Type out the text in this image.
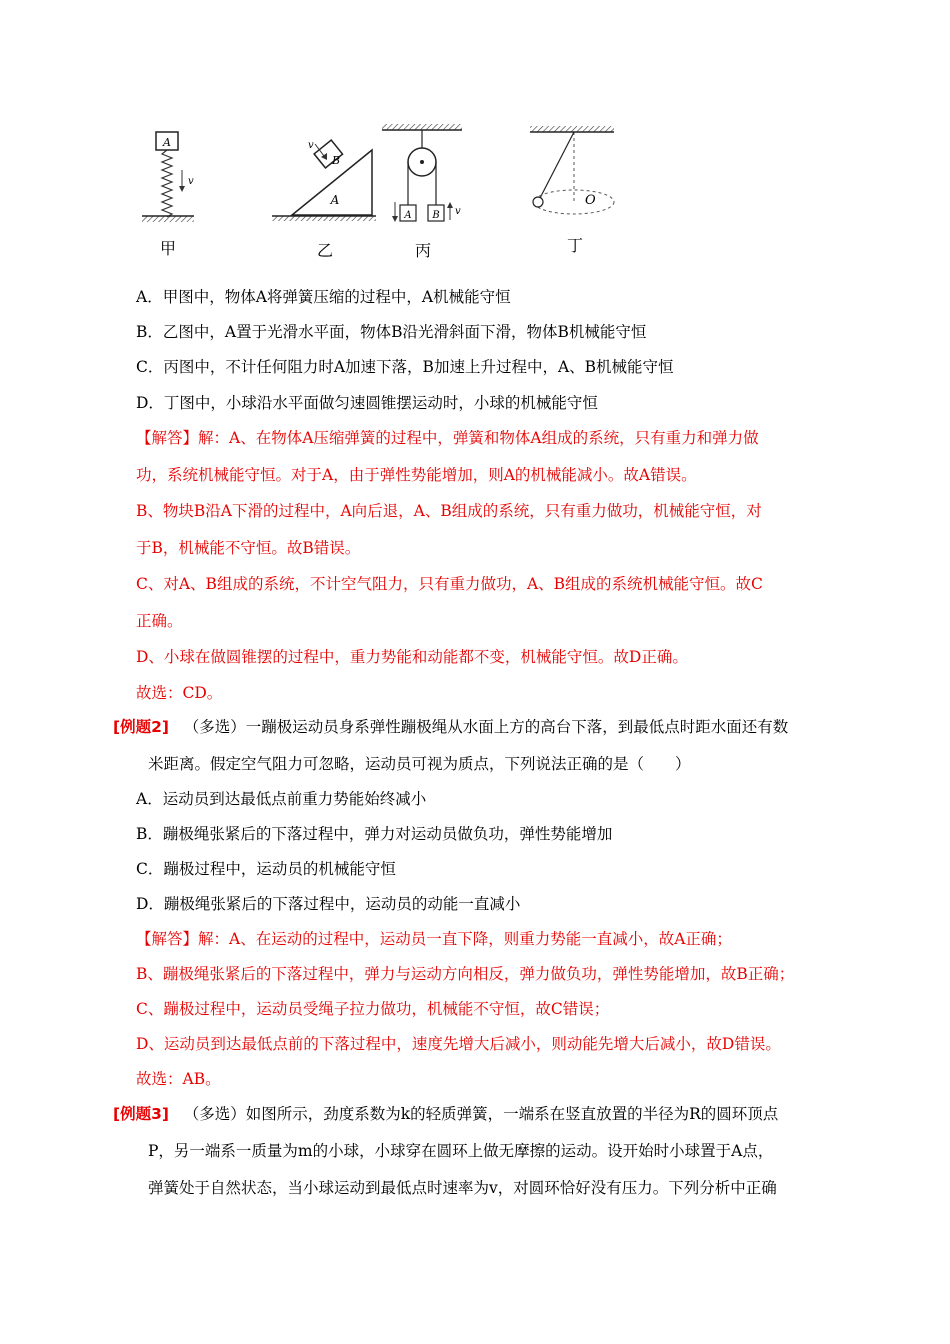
A
v
A
B
v
A B v
O
甲	乙	丙	丁
A．甲图中，物体A将弹簧压缩的过程中，A机械能守恒
B．乙图中，A置于光滑水平面，物体B沿光滑斜面下滑，物体B机械能守恒
C．丙图中，不计任何阻力时A加速下落，B加速上升过程中，A、B机械能守恒
D．丁图中，小球沿水平面做匀速圆锥摆运动时，小球的机械能守恒
【解答】解：A、在物体A压缩弹簧的过程中，弹簧和物体A组成的系统，只有重力和弹力做
功，系统机械能守恒。对于A，由于弹性势能增加，则A的机械能减小。故A错误。
B、物块B沿A下滑的过程中，A向后退，A、B组成的系统，只有重力做功，机械能守恒，对
于B，机械能不守恒。故B错误。
C、对A、B组成的系统，不计空气阻力，只有重力做功，A、B组成的系统机械能守恒。故C
正确。
D、小球在做圆锥摆的过程中，重力势能和动能都不变，机械能守恒。故D正确。
故选：CD。
[例题2] （多选）一蹦极运动员身系弹性蹦极绳从水面上方的高台下落，到最低点时距水面还有数
米距离。假定空气阻力可忽略，运动员可视为质点，下列说法正确的是（　　）
A．运动员到达最低点前重力势能始终减小
B．蹦极绳张紧后的下落过程中，弹力对运动员做负功，弹性势能增加
C．蹦极过程中，运动员的机械能守恒
D．蹦极绳张紧后的下落过程中，运动员的动能一直减小
【解答】解：A、在运动的过程中，运动员一直下降，则重力势能一直减小，故A正确；
B、蹦极绳张紧后的下落过程中，弹力与运动方向相反，弹力做负功，弹性势能增加，故B正确；
C、蹦极过程中，运动员受绳子拉力做功，机械能不守恒，故C错误；
D、运动员到达最低点前的下落过程中，速度先增大后减小，则动能先增大后减小，故D错误。
故选：AB。
[例题3] （多选）如图所示，劲度系数为k的轻质弹簧，一端系在竖直放置的半径为R的圆环顶点
P，另一端系一质量为m的小球，小球穿在圆环上做无摩擦的运动。设开始时小球置于A点，
弹簧处于自然状态，当小球运动到最低点时速率为v，对圆环恰好没有压力。下列分析中正确
